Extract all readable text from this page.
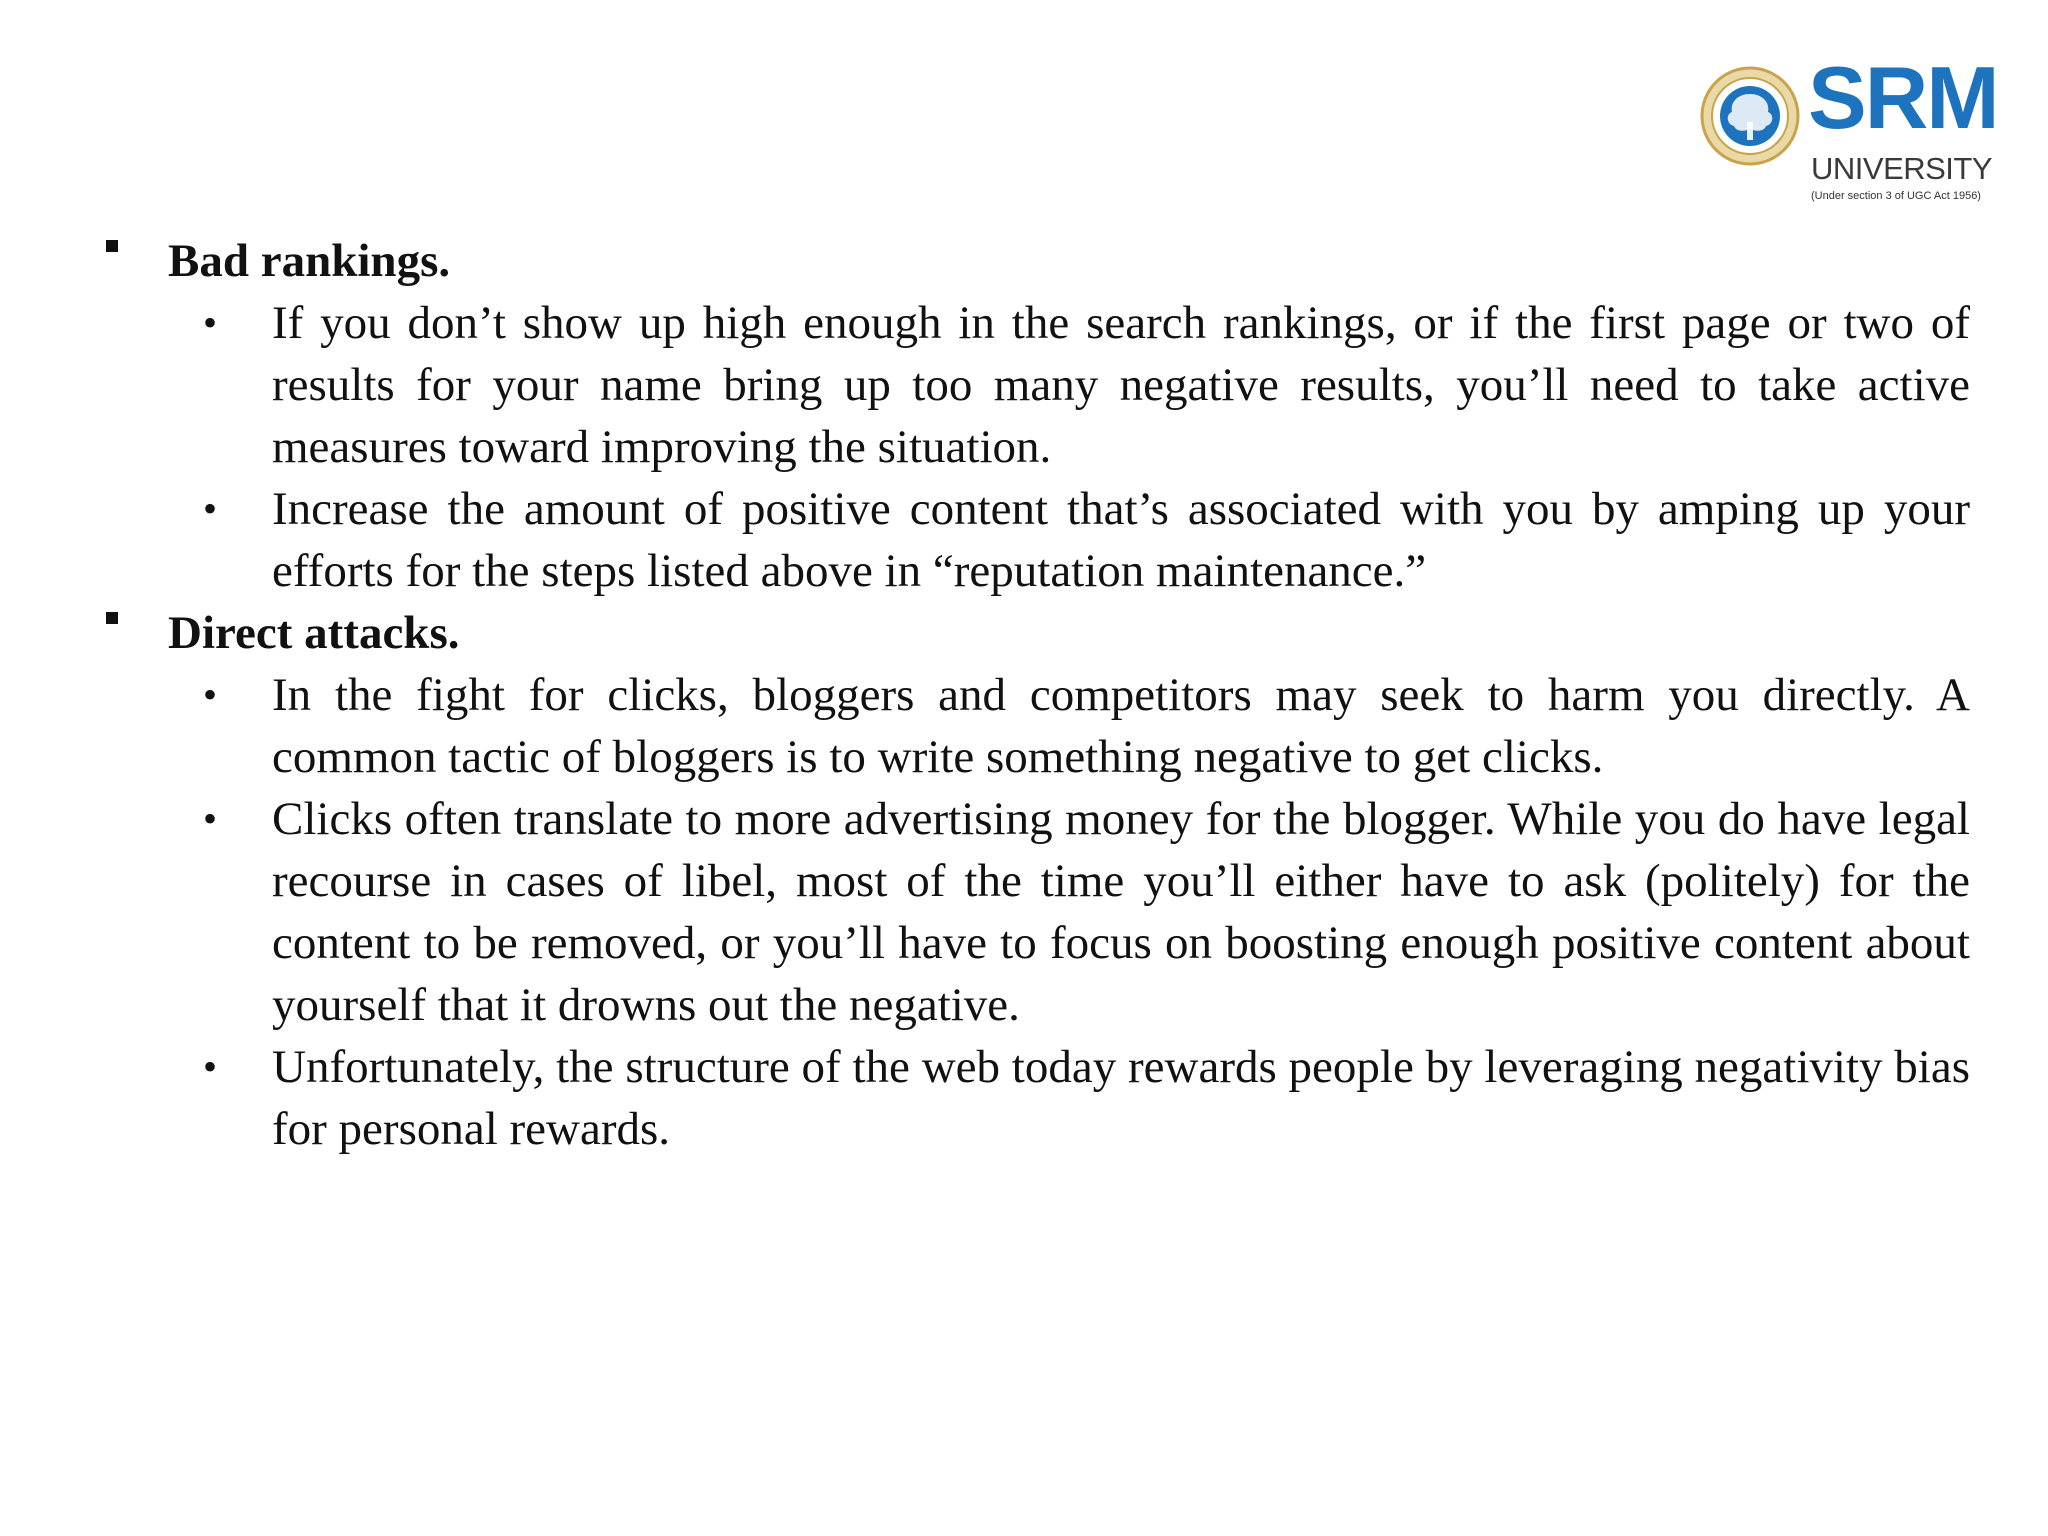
SRM
UNIVERSITY
(Under section 3 of UGC Act 1956)
Bad rankings.
• If you don’t show up high enough in the search rankings, or if the first page or two of results for your name bring up too many negative results, you’ll need to take active measures toward improving the situation.
• Increase the amount of positive content that’s associated with you by amping up your efforts for the steps listed above in “reputation maintenance.”
Direct attacks.
• In the fight for clicks, bloggers and competitors may seek to harm you directly. A common tactic of bloggers is to write something negative to get clicks.
• Clicks often translate to more advertising money for the blogger. While you do have legal recourse in cases of libel, most of the time you’ll either have to ask (politely) for the content to be removed, or you’ll have to focus on boosting enough positive content about yourself that it drowns out the negative.
• Unfortunately, the structure of the web today rewards people by leveraging negativity bias for personal rewards.
